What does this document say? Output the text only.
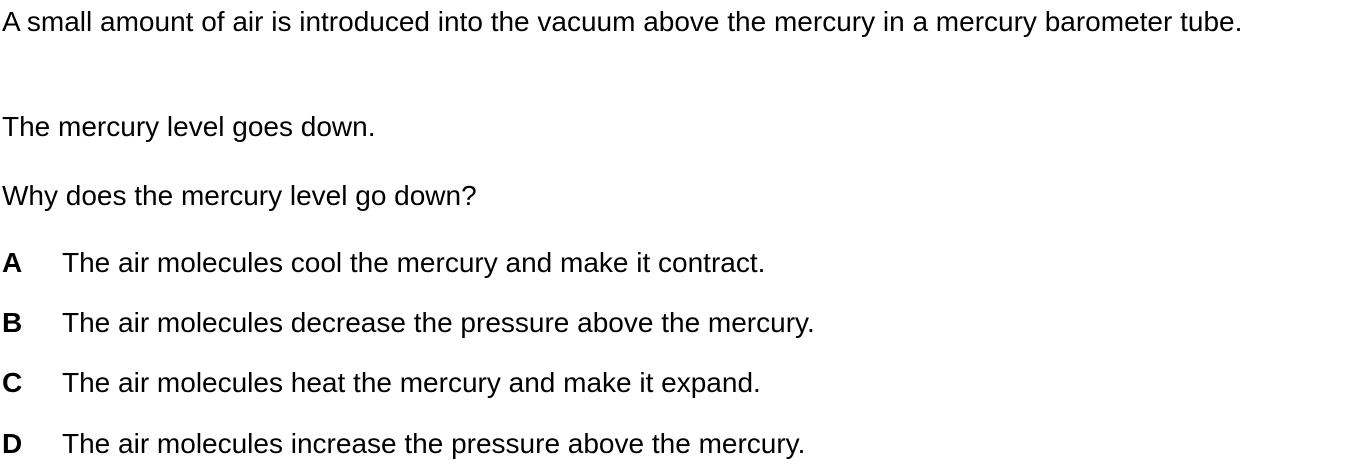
A small amount of air is introduced into the vacuum above the mercury in a mercury barometer tube.

The mercury level goes down.

Why does the mercury level go down?

A The air molecules cool the mercury and make it contract.
B The air molecules decrease the pressure above the mercury.
C The air molecules heat the mercury and make it expand.
D The air molecules increase the pressure above the mercury.
